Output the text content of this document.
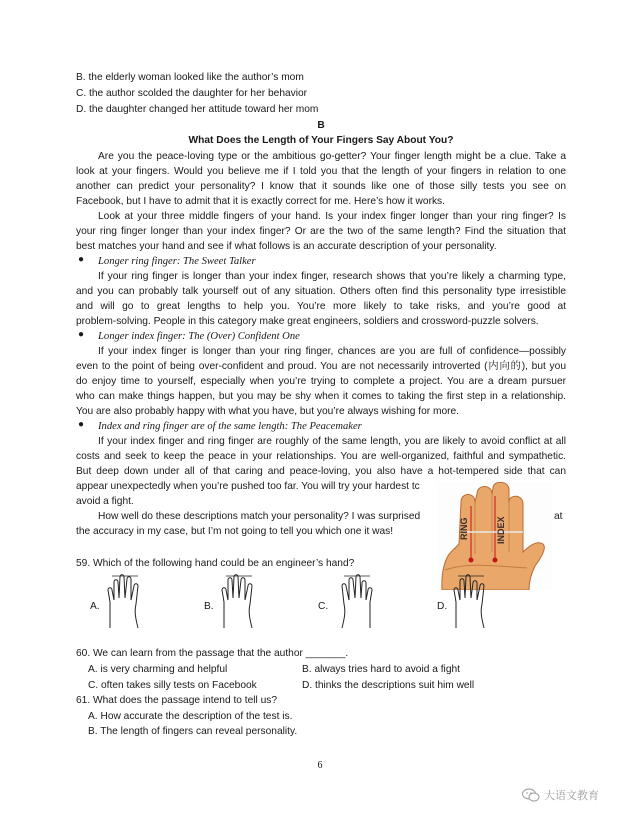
B. the elderly woman looked like the author’s mom
C. the author scolded the daughter for her behavior
D. the daughter changed her attitude toward her mom
B
What Does the Length of Your Fingers Say About You?
Are you the peace-loving type or the ambitious go-getter? Your finger length might be a clue. Take a
look at your fingers. Would you believe me if I told you that the length of your fingers in relation to one
another can predict your personality? I know that it sounds like one of those silly tests you see on
Facebook, but I have to admit that it is exactly correct for me. Here’s how it works.
Look at your three middle fingers of your hand. Is your index finger longer than your ring finger? Is
your ring finger longer than your index finger? Or are the two of the same length? Find the situation that
best matches your hand and see if what follows is an accurate description of your personality.
● Longer ring finger: The Sweet Talker
If your ring finger is longer than your index finger, research shows that you’re likely a charming type,
and you can probably talk yourself out of any situation. Others often find this personality type irresistible
and will go to great lengths to help you. You’re more likely to take risks, and you’re good at
problem-solving. People in this category make great engineers, soldiers and crossword-puzzle solvers.
● Longer index finger: The (Over) Confident One
If your index finger is longer than your ring finger, chances are you are full of confidence—possibly
even to the point of being over-confident and proud. You are not necessarily introverted (内向的), but you
do enjoy time to yourself, especially when you’re trying to complete a project. You are a dream pursuer
who can make things happen, but you may be shy when it comes to taking the first step in a relationship.
You are also probably happy with what you have, but you’re always wishing for more.
● Index and ring finger are of the same length: The Peacemaker
If your index finger and ring finger are roughly of the same length, you are likely to avoid conflict at all
costs and seek to keep the peace in your relationships. You are well-organized, faithful and sympathetic.
But deep down under all of that caring and peace-loving, you also have a hot-tempered side that can
appear unexpectedly when you’re pushed too far. You will try your hardest tc
avoid a fight.
How well do these descriptions match your personality? I was surprised	at
the accuracy in my case, but I’m not going to tell you which one it was!	RING	INDEX
59. Which of the following hand could be an engineer’s hand?
A.	B.	C.	D.
60. We can learn from the passage that the author _______.
A. is very charming and helpful	B. always tries hard to avoid a fight
C. often takes silly tests on Facebook	D. thinks the descriptions suit him well
61. What does the passage intend to tell us?
A. How accurate the description of the test is.
B. The length of fingers can reveal personality.
6
大语文教育
